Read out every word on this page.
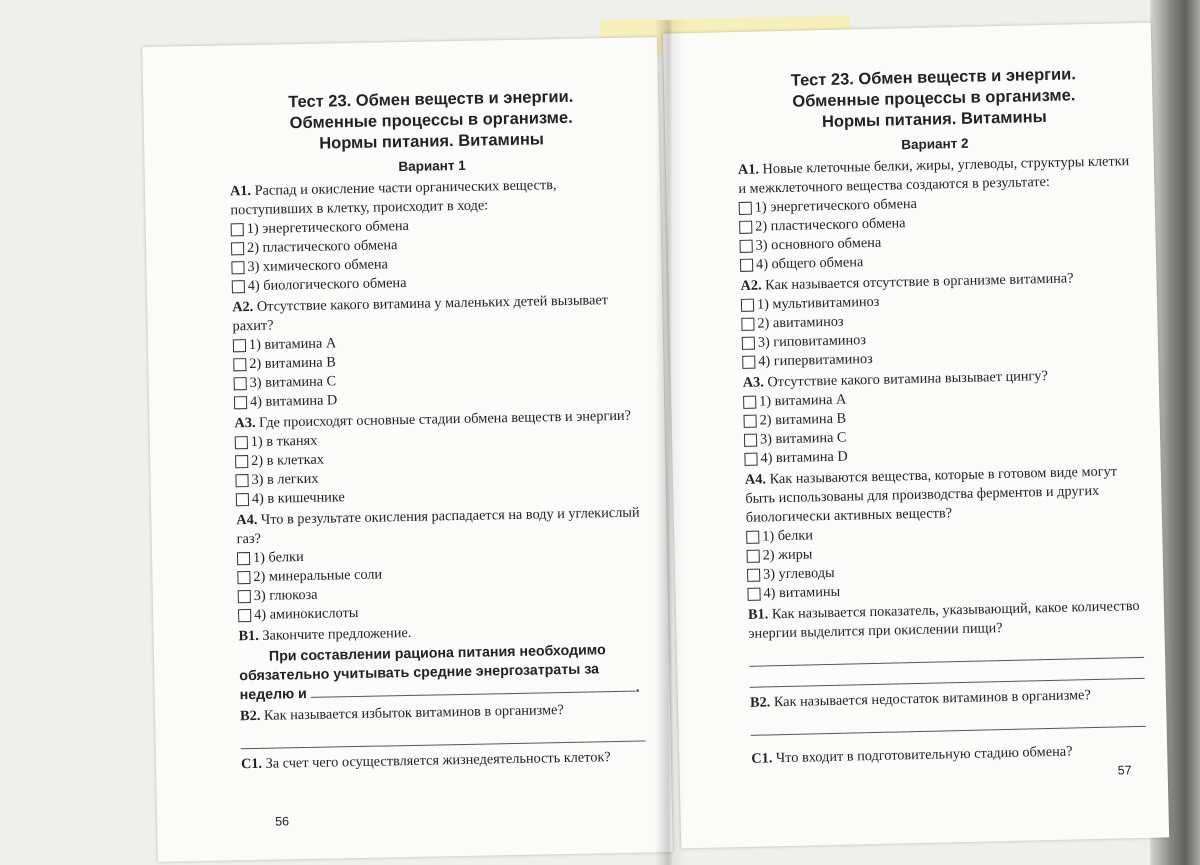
Тест 23. Обмен веществ и энергии.
Обменные процессы в организме.
Нормы питания. Витамины
Вариант 1

A1. Распад и окисление части органических веществ, поступивших в клетку, происходит в ходе:

1) энергетического обмена
2) пластического обмена
3) химического обмена
4) биологического обмена

A2. Отсутствие какого витамина у маленьких детей вызывает рахит?

1) витамина A
2) витамина B
3) витамина C
4) витамина D

A3. Где происходят основные стадии обмена веществ и энергии?

1) в тканях
2) в клетках
3) в легких
4) в кишечнике

A4. Что в результате окисления распадается на воду и углекислый газ?

1) белки
2) минеральные соли
3) глюкоза
4) аминокислоты

B1. Закончите предложение.

При составлении рациона питания необходимо обязательно учитывать средние энергозатраты за неделю и	.

B2. Как называется избыток витаминов в организме?

C1. За счет чего осуществляется жизнедеятельность клеток?

56
Тест 23. Обмен веществ и энергии.
Обменные процессы в организме.
Нормы питания. Витамины
Вариант 2

A1. Новые клеточные белки, жиры, углеводы, структуры клетки и межклеточного вещества создаются в результате:

1) энергетического обмена
2) пластического обмена
3) основного обмена
4) общего обмена

A2. Как называется отсутствие в организме витамина?

1) мультивитаминоз
2) авитаминоз
3) гиповитаминоз
4) гипервитаминоз

A3. Отсутствие какого витамина вызывает цингу?

1) витамина A
2) витамина B
3) витамина C
4) витамина D

A4. Как называются вещества, которые в готовом виде могут быть использованы для производства ферментов и других биологически активных веществ?

1) белки
2) жиры
3) углеводы
4) витамины

B1. Как называется показатель, указывающий, какое количество энергии выделится при окислении пищи?

B2. Как называется недостаток витаминов в организме?

C1. Что входит в подготовительную стадию обмена?

57
